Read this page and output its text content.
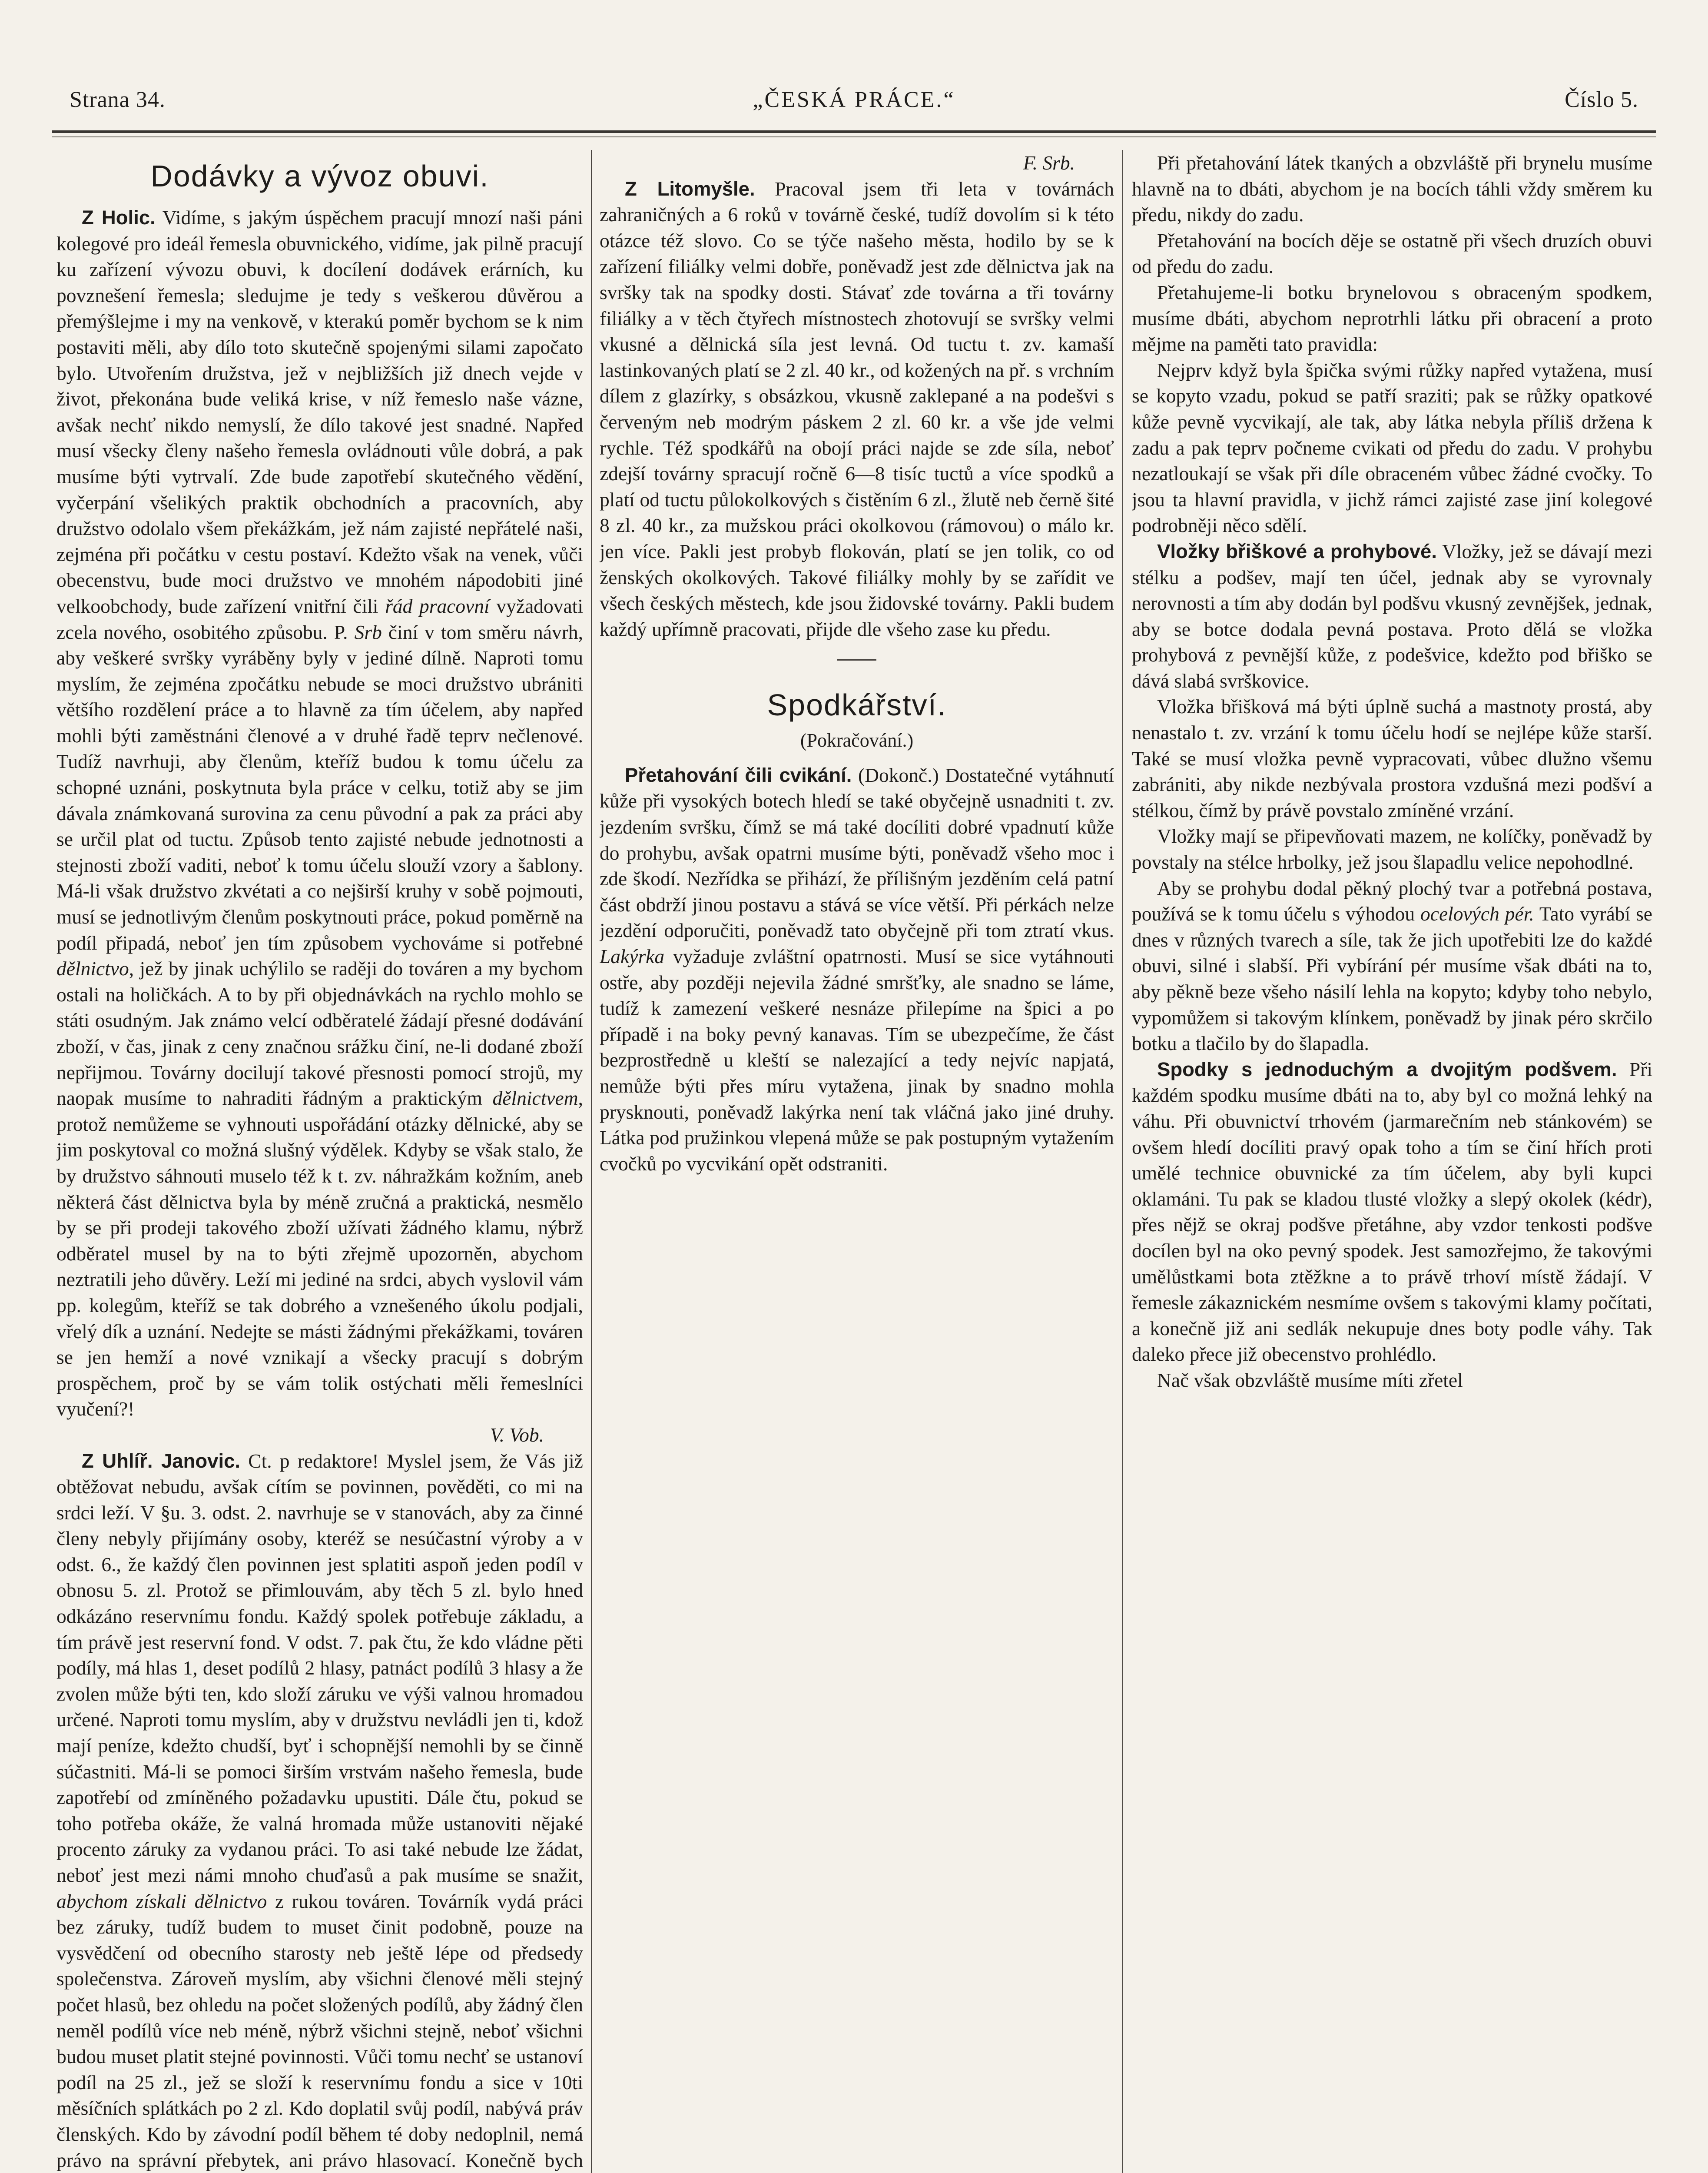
Strana 34.	„ČESKÁ PRÁCE.“	Číslo 5.
Dodávky a vývoz obuvi.

Z Holic. Vidíme, s jakým úspěchem pracují mnozí naši páni kolegové pro ideál řemesla obuvnického, vidíme, jak pilně pracují ku zařízení vývozu obuvi, k docílení dodávek erárních, ku povznešení řemesla; sledujme je tedy s veškerou důvěrou a přemýšlejme i my na venkově, v kterakú poměr bychom se k nim postaviti měli, aby dílo toto skutečně spojenými silami započato bylo. Utvořením družstva, jež v nejbližších již dnech vejde v život, překonána bude veliká krise, v níž řemeslo naše vázne, avšak nechť nikdo nemyslí, že dílo takové jest snadné. Napřed musí všecky členy našeho řemesla ovládnouti vůle dobrá, a pak musíme býti vytrvalí. Zde bude zapotřebí skutečného vědění, vyčerpání všelikých praktik obchodních a pracovních, aby družstvo odolalo všem překážkám, jež nám zajisté nepřátelé naši, zejména při počátku v cestu postaví. Kdežto však na venek, vůči obecenstvu, bude moci družstvo ve mnohém nápodobiti jiné velkoobchody, bude zařízení vnitřní čili řád pracovní vyžadovati zcela nového, osobitého způsobu. P. Srb činí v tom směru návrh, aby veškeré svršky vyráběny byly v jediné dílně. Naproti tomu myslím, že zejména zpočátku nebude se moci družstvo ubrániti většího rozdělení práce a to hlavně za tím účelem, aby napřed mohli býti zaměstnáni členové a v druhé řadě teprv nečlenové. Tudíž navrhuji, aby členům, kteříž budou k tomu účelu za schopné uznáni, poskytnuta byla práce v celku, totiž aby se jim dávala známkovaná surovina za cenu původní a pak za práci aby se určil plat od tuctu. Způsob tento zajisté nebude jednotnosti a stejnosti zboží vaditi, neboť k tomu účelu slouží vzory a šablony. Má-li však družstvo zkvétati a co nejširší kruhy v sobě pojmouti, musí se jednotlivým členům poskytnouti práce, pokud poměrně na podíl připadá, neboť jen tím způsobem vychováme si potřebné dělnictvo, jež by jinak uchýlilo se raději do továren a my bychom ostali na holičkách. A to by při objednávkách na rychlo mohlo se státi osudným. Jak známo velcí odběratelé žádají přesné dodávání zboží, v čas, jinak z ceny značnou srážku činí, ne-li dodané zboží nepřijmou. Továrny docilují takové přesnosti pomocí strojů, my naopak musíme to nahraditi řádným a praktickým dělnictvem, protož nemůžeme se vyhnouti uspořádání otázky dělnické, aby se jim poskytoval co možná slušný výdělek. Kdyby se však stalo, že by družstvo sáhnouti muselo též k t. zv. náhražkám kožním, aneb některá část dělnictva byla by méně zručná a praktická, nesmělo by se při prodeji takového zboží užívati žádného klamu, nýbrž odběratel musel by na to býti zřejmě upozorněn, abychom neztratili jeho důvěry. Leží mi jediné na srdci, abych vyslovil vám pp. kolegům, kteříž se tak dobrého a vznešeného úkolu podjali, vřelý dík a uznání. Nedejte se másti žádnými překážkami, továren se jen hemží a nové vznikají a všecky pracují s dobrým prospěchem, proč by se vám tolik ostýchati měli řemeslníci vyučení?!

V. Vob.

Z Uhlíř. Janovic. Ct. p redaktore! Myslel jsem, že Vás již obtěžovat nebudu, avšak cítím se povinnen, pověděti, co mi na srdci leží. V §u. 3. odst. 2. navrhuje se v stanovách, aby za činné členy nebyly přijímány osoby, kteréž se nesúčastní výroby a v odst. 6., že každý člen povinnen jest splatiti aspoň jeden podíl v obnosu 5. zl. Protož se přimlouvám, aby těch 5 zl. bylo hned odkázáno reservnímu fondu. Každý spolek potřebuje základu, a tím právě jest reservní fond. V odst. 7. pak čtu, že kdo vládne pěti podíly, má hlas 1, deset podílů 2 hlasy, patnáct podílů 3 hlasy a že zvolen může býti ten, kdo složí záruku ve výši valnou hromadou určené. Naproti tomu myslím, aby v družstvu nevládli jen ti, kdož mají peníze, kdežto chudší, byť i schopnější nemohli by se činně súčastniti. Má-li se pomoci širším vrstvám našeho řemesla, bude zapotřebí od zmíněného požadavku upustiti. Dále čtu, pokud se toho potřeba okáže, že valná hromada může ustanoviti nějaké procento záruky za vydanou práci. To asi také nebude lze žádat, neboť jest mezi námi mnoho chuďasů a pak musíme se snažit, abychom získali dělnictvo z rukou továren. Továrník vydá práci bez záruky, tudíž budem to muset činit podobně, pouze na vysvědčení od obecního starosty neb ještě lépe od předsedy společenstva. Zároveň myslím, aby všichni členové měli stejný počet hlasů, bez ohledu na počet složených podílů, aby žádný člen neměl podílů více neb méně, nýbrž všichni stejně, neboť všichni budou muset platit stejné povinnosti. Vůči tomu nechť se ustanoví podíl na 25 zl., jež se složí k reservnímu fondu a sice v 10ti měsíčních splátkách po 2 zl. Kdo doplatil svůj podíl, nabývá práv členských. Kdo by závodní podíl během té doby nedoplnil, nemá právo na správní přebytek, ani právo hlasovací. Konečně bych

F. Srb.

Z Litomyšle. Pracoval jsem tři leta v továrnách zahraničných a 6 roků v továrně české, tudíž dovolím si k této otázce též slovo. Co se týče našeho města, hodilo by se k zařízení filiálky velmi dobře, poněvadž jest zde dělnictva jak na svršky tak na spodky dosti. Stávať zde továrna a tři továrny filiálky a v těch čtyřech místnostech zhotovují se svršky velmi vkusné a dělnická síla jest levná. Od tuctu t. zv. kamaší lastinkovaných platí se 2 zl. 40 kr., od kožených na př. s vrchním dílem z glazírky, s obsázkou, vkusně zaklepané a na podešvi s červeným neb modrým páskem 2 zl. 60 kr. a vše jde velmi rychle. Též spodkářů na obojí práci najde se zde síla, neboť zdejší továrny spracují ročně 6—8 tisíc tuctů a více spodků a platí od tuctu půlokolkových s čistěním 6 zl., žlutě neb černě šité 8 zl. 40 kr., za mužskou práci okolkovou (rámovou) o málo kr. jen více. Pakli jest probyb flokován, platí se jen tolik, co od ženských okolkových. Takové filiálky mohly by se zařídit ve všech českých městech, kde jsou židovské továrny. Pakli budem každý upřímně pracovati, přijde dle všeho zase ku předu.

Spodkářství.
(Pokračování.)

Přetahování čili cvikání. (Dokonč.) Dostatečné vytáhnutí kůže při vysokých botech hledí se také obyčejně usnadniti t. zv. jezdením svršku, čímž se má také docíliti dobré vpadnutí kůže do prohybu, avšak opatrni musíme býti, poněvadž všeho moc i zde škodí. Nezřídka se přihází, že přílišným jezděním celá patní část obdrží jinou postavu a stává se více větší. Při pérkách nelze jezdění odporučiti, poněvadž tato obyčejně při tom ztratí vkus. Lakýrka vyžaduje zvláštní opatrnosti. Musí se sice vytáhnouti ostře, aby později nejevila žádné smršťky, ale snadno se láme, tudíž k zamezení veškeré nesnáze přilepíme na špici a po případě i na boky pevný kanavas. Tím se ubezpečíme, že část bezprostředně u kleští se nalezající a tedy nejvíc napjatá, nemůže býti přes míru vytažena, jinak by snadno mohla prysknouti, poněvadž lakýrka není tak vláčná jako jiné druhy. Látka pod pružinkou vlepená může se pak postupným vytažením cvočků po vycvikání opět odstraniti.

Při přetahování látek tkaných a obzvláště při brynelu musíme hlavně na to dbáti, abychom je na bocích táhli vždy směrem ku předu, nikdy do zadu.

Přetahování na bocích děje se ostatně při všech druzích obuvi od předu do zadu.

Přetahujeme-li botku brynelovou s obraceným spodkem, musíme dbáti, abychom neprotrhli látku při obracení a proto mějme na paměti tato pravidla:

Nejprv když byla špička svými růžky napřed vytažena, musí se kopyto vzadu, pokud se patří sraziti; pak se růžky opatkové kůže pevně vycvikají, ale tak, aby látka nebyla příliš držena k zadu a pak teprv počneme cvikati od předu do zadu. V prohybu nezatloukají se však při díle obraceném vůbec žádné cvočky. To jsou ta hlavní pravidla, v jichž rámci zajisté zase jiní kolegové podrobněji něco sdělí.

Vložky břiškové a prohybové. Vložky, jež se dávají mezi stélku a podšev, mají ten účel, jednak aby se vyrovnaly nerovnosti a tím aby dodán byl podšvu vkusný zevnějšek, jednak, aby se botce dodala pevná postava. Proto dělá se vložka prohybová z pevnější kůže, z podešvice, kdežto pod břiško se dává slabá svrškovice.

Vložka břišková má býti úplně suchá a mastnoty prostá, aby nenastalo t. zv. vrzání k tomu účelu hodí se nejlépe kůže starší. Také se musí vložka pevně vypracovati, vůbec dlužno všemu zabrániti, aby nikde nezbývala prostora vzdušná mezi podšví a stélkou, čímž by právě povstalo zmíněné vrzání.

Vložky mají se připevňovati mazem, ne kolíčky, poněvadž by povstaly na stélce hrbolky, jež jsou šlapadlu velice nepohodlné.

Aby se prohybu dodal pěkný plochý tvar a potřebná postava, používá se k tomu účelu s výhodou ocelových pér. Tato vyrábí se dnes v různých tvarech a síle, tak že jich upotřebiti lze do každé obuvi, silné i slabší. Při vybírání pér musíme však dbáti na to, aby pěkně beze všeho násilí lehla na kopyto; kdyby toho nebylo, vypomůžem si takovým klínkem, poněvadž by jinak péro skrčilo botku a tlačilo by do šlapadla.

Spodky s jednoduchým a dvojitým podšvem. Při každém spodku musíme dbáti na to, aby byl co možná lehký na váhu. Při obuvnictví trhovém (jarmarečním neb stánkovém) se ovšem hledí docíliti pravý opak toho a tím se činí hřích proti umělé technice obuvnické za tím účelem, aby byli kupci oklamáni. Tu pak se kladou tlusté vložky a slepý okolek (kédr), přes nějž se okraj podšve přetáhne, aby vzdor tenkosti podšve docílen byl na oko pevný spodek. Jest samozřejmo, že takovými umělůstkami bota ztěžkne a to právě trhoví místě žádají. V řemesle zákaznickém nesmíme ovšem s takovými klamy počítati, a konečně již ani sedlák nekupuje dnes boty podle váhy. Tak daleko přece již obecenstvo prohlédlo.

Nač však obzvláště musíme míti zřetel
